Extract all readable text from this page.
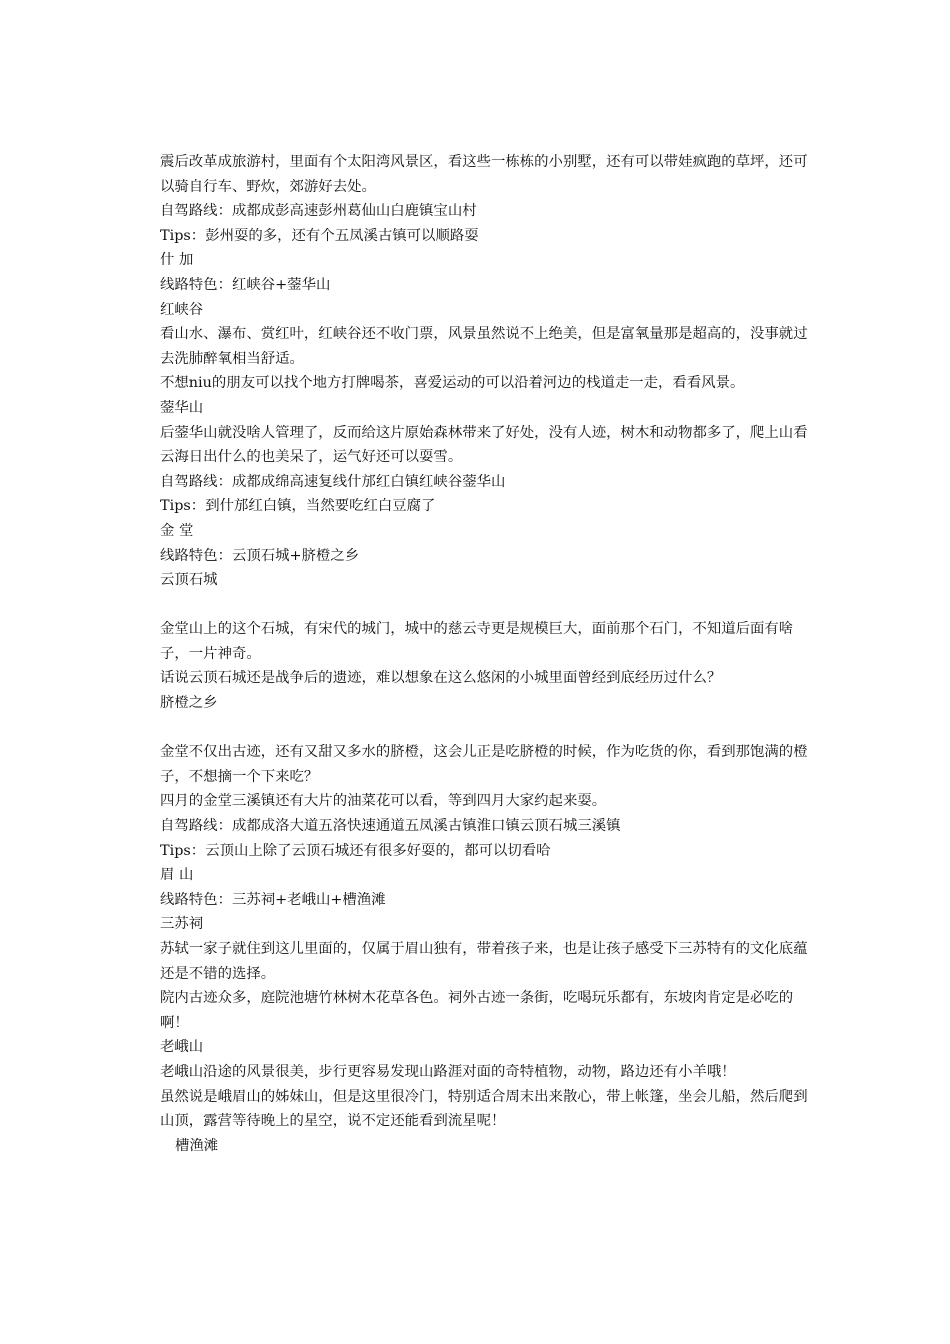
震后改革成旅游村，里面有个太阳湾风景区，看这些一栋栋的小别墅，还有可以带娃疯跑的草坪，还可以骑自行车、野炊，郊游好去处。

自驾路线：成都成彭高速彭州葛仙山白鹿镇宝山村

Tips：彭州耍的多，还有个五凤溪古镇可以顺路耍

什 加

线路特色：红峡谷+蓥华山

红峡谷

看山水、瀑布、赏红叶，红峡谷还不收门票，风景虽然说不上绝美，但是富氧量那是超高的，没事就过去洗肺醉氧相当舒适。

不想niu的朋友可以找个地方打牌喝茶，喜爱运动的可以沿着河边的栈道走一走，看看风景。

蓥华山

后蓥华山就没啥人管理了，反而给这片原始森林带来了好处，没有人迹，树木和动物都多了，爬上山看云海日出什么的也美呆了，运气好还可以耍雪。

自驾路线：成都成绵高速复线什邡红白镇红峡谷蓥华山

Tips：到什邡红白镇，当然要吃红白豆腐了

金 堂

线路特色：云顶石城+脐橙之乡

云顶石城

金堂山上的这个石城，有宋代的城门，城中的慈云寺更是规模巨大，面前那个石门，不知道后面有啥子，一片神奇。

话说云顶石城还是战争后的遗迹，难以想象在这么悠闲的小城里面曾经到底经历过什么？

脐橙之乡

金堂不仅出古迹，还有又甜又多水的脐橙，这会儿正是吃脐橙的时候，作为吃货的你，看到那饱满的橙子，不想摘一个下来吃？

四月的金堂三溪镇还有大片的油菜花可以看，等到四月大家约起来耍。

自驾路线：成都成洛大道五洛快速通道五凤溪古镇淮口镇云顶石城三溪镇

Tips：云顶山上除了云顶石城还有很多好耍的，都可以切看哈

眉 山

线路特色：三苏祠+老峨山+槽渔滩

三苏祠

苏轼一家子就住到这儿里面的，仅属于眉山独有，带着孩子来，也是让孩子感受下三苏特有的文化底蕴还是不错的选择。

院内古迹众多，庭院池塘竹林树木花草各色。祠外古迹一条街，吃喝玩乐都有，东坡肉肯定是必吃的啊！

老峨山

老峨山沿途的风景很美，步行更容易发现山路涯对面的奇特植物，动物，路边还有小羊哦！

虽然说是峨眉山的姊妹山，但是这里很冷门，特别适合周末出来散心，带上帐篷，坐会儿船，然后爬到山顶，露营等待晚上的星空，说不定还能看到流星呢！

槽渔滩
